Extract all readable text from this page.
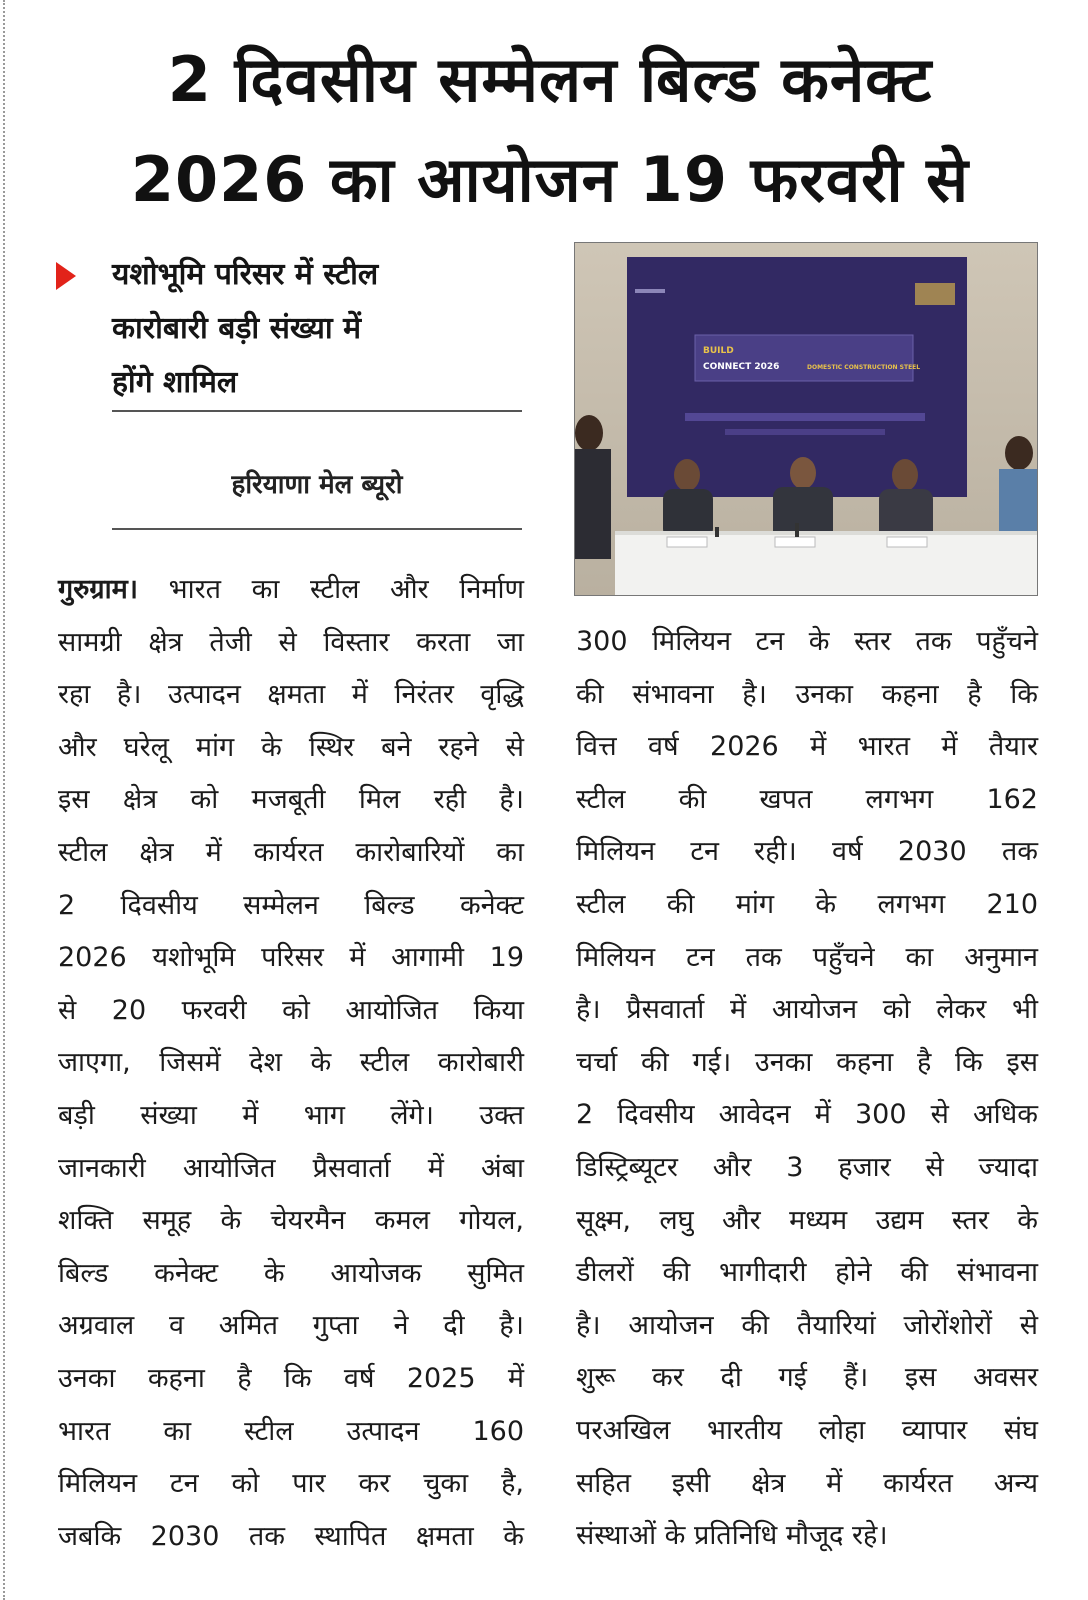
2 दिवसीय सम्मेलन बिल्ड कनेक्ट
2026 का आयोजन 19 फरवरी से
यशोभूमि परिसर में स्टील
कारोबारी बड़ी संख्या में
होंगे शामिल
हरियाणा मेल ब्यूरो
BUILD
CONNECT 2026	DOMESTIC CONSTRUCTION STEEL
गुरुग्राम। भारत का स्टील और निर्माण
सामग्री क्षेत्र तेजी से विस्तार करता जा
रहा है। उत्पादन क्षमता में निरंतर वृद्धि
और घरेलू मांग के स्थिर बने रहने से
इस क्षेत्र को मजबूती मिल रही है।
स्टील क्षेत्र में कार्यरत कारोबारियों का
2 दिवसीय सम्मेलन बिल्ड कनेक्ट
2026 यशोभूमि परिसर में आगामी 19
से 20 फरवरी को आयोजित किया
जाएगा, जिसमें देश के स्टील कारोबारी
बड़ी संख्या में भाग लेंगे। उक्त
जानकारी आयोजित प्रैसवार्ता में अंबा
शक्ति समूह के चेयरमैन कमल गोयल,
बिल्ड कनेक्ट के आयोजक सुमित
अग्रवाल व अमित गुप्ता ने दी है।
उनका कहना है कि वर्ष 2025 में
भारत का स्टील उत्पादन 160
मिलियन टन को पार कर चुका है,
जबकि 2030 तक स्थापित क्षमता के
300 मिलियन टन के स्तर तक पहुँचने
की संभावना है। उनका कहना है कि
वित्त वर्ष 2026 में भारत में तैयार
स्टील की खपत लगभग 162
मिलियन टन रही। वर्ष 2030 तक
स्टील की मांग के लगभग 210
मिलियन टन तक पहुँचने का अनुमान
है। प्रैसवार्ता में आयोजन को लेकर भी
चर्चा की गई। उनका कहना है कि इस
2 दिवसीय आवेदन में 300 से अधिक
डिस्ट्रिब्यूटर और 3 हजार से ज्यादा
सूक्ष्म, लघु और मध्यम उद्यम स्तर के
डीलरों की भागीदारी होने की संभावना
है। आयोजन की तैयारियां जोरोंशोरों से
शुरू कर दी गई हैं। इस अवसर
परअखिल भारतीय लोहा व्यापार संघ
सहित इसी क्षेत्र में कार्यरत अन्य
संस्थाओं के प्रतिनिधि मौजूद रहे।
